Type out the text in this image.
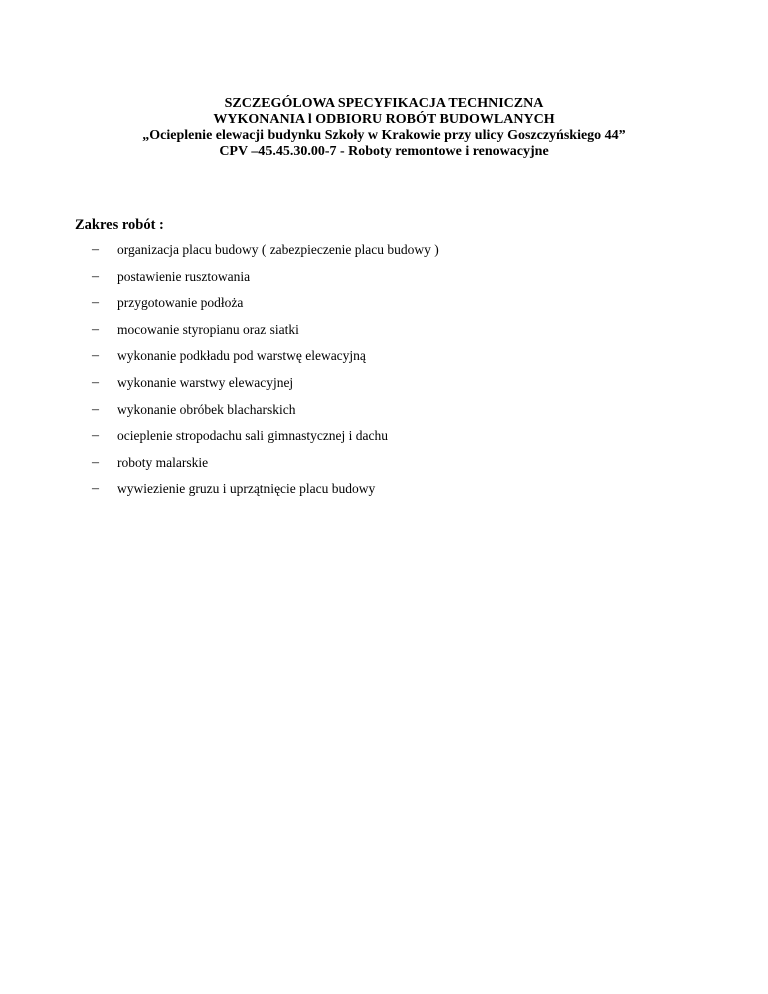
SZCZEGÓLOWA SPECYFIKACJA TECHNICZNA
WYKONANIA l ODBIORU ROBÓT BUDOWLANYCH
„Ocieplenie elewacji budynku Szkoły w Krakowie przy ulicy Goszczyńskiego 44”
CPV –45.45.30.00-7 - Roboty remontowe i renowacyjne
Zakres robót :
–	organizacja placu budowy ( zabezpieczenie placu budowy )
–	postawienie rusztowania
–	przygotowanie podłoża
–	mocowanie styropianu oraz siatki
–	wykonanie podkładu pod warstwę elewacyjną
–	wykonanie warstwy elewacyjnej
–	wykonanie obróbek blacharskich
–	ocieplenie stropodachu sali gimnastycznej i dachu
–	roboty malarskie
–	wywiezienie gruzu i uprzątnięcie placu budowy
